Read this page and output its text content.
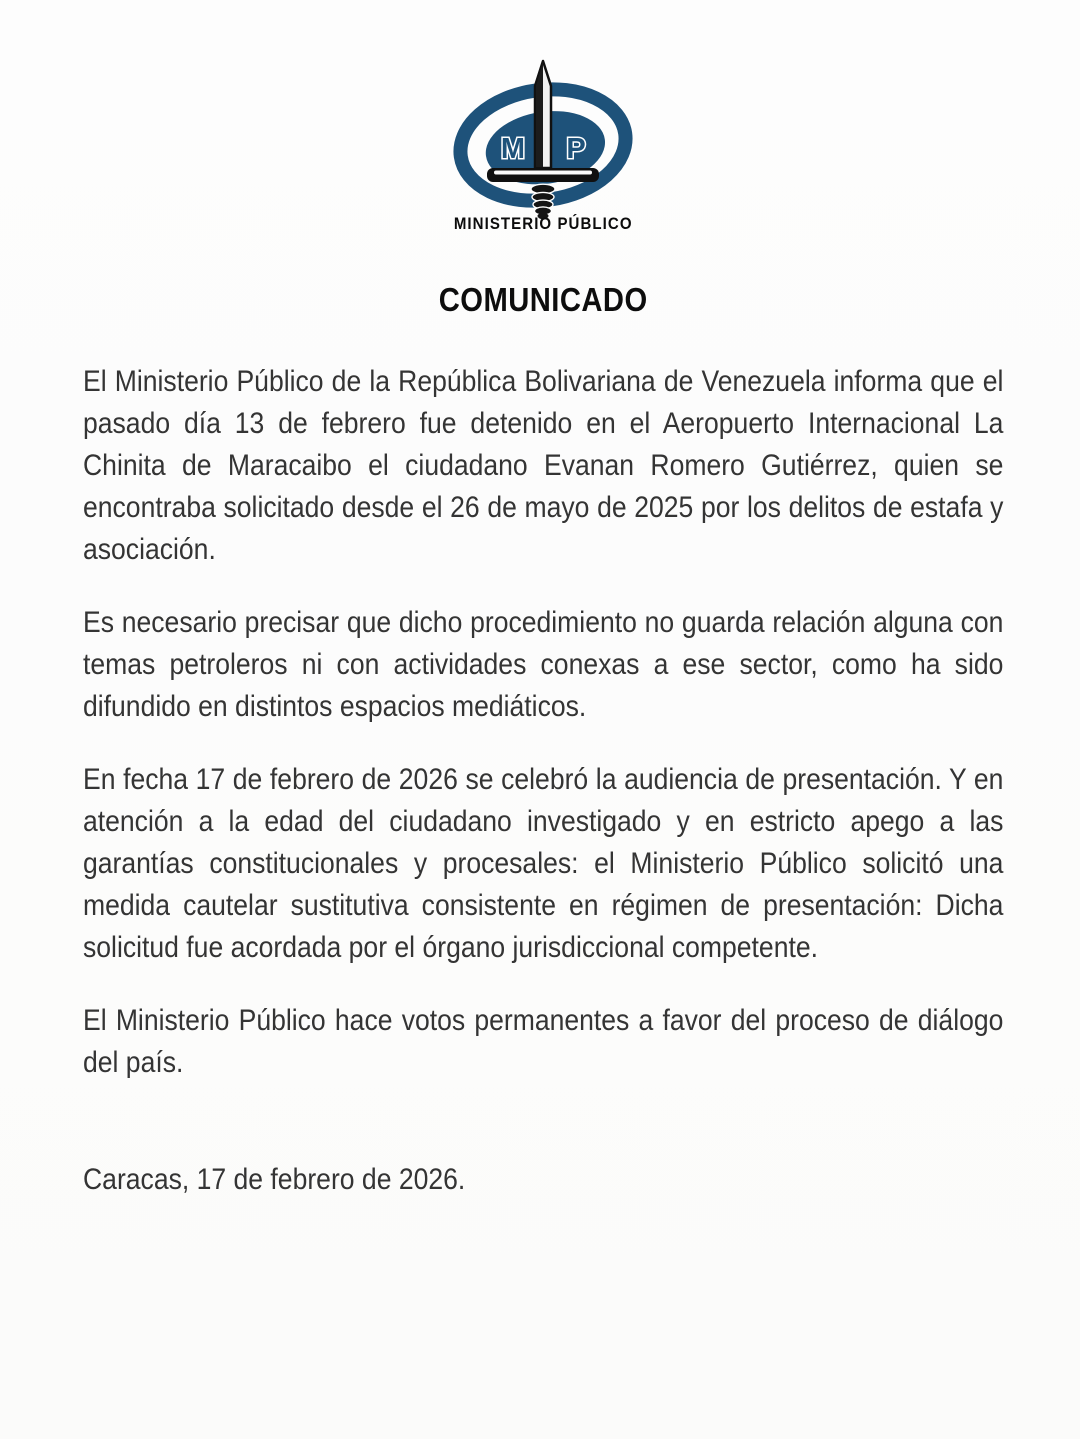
M P
MINISTERIO PÚBLICO
COMUNICADO

El Ministerio Público de la República Bolivariana de Venezuela informa que el pasado día 13 de febrero fue detenido en el Aeropuerto Internacional La Chinita de Maracaibo el ciudadano Evanan Romero Gutiérrez, quien se encontraba solicitado desde el 26 de mayo de 2025 por los delitos de estafa y asociación.

Es necesario precisar que dicho procedimiento no guarda relación alguna con temas petroleros ni con actividades conexas a ese sector, como ha sido difundido en distintos espacios mediáticos.

En fecha 17 de febrero de 2026 se celebró la audiencia de presentación. Y en atención a la edad del ciudadano investigado y en estricto apego a las garantías constitucionales y procesales: el Ministerio Público solicitó una medida cautelar sustitutiva consistente en régimen de presentación: Dicha solicitud fue acordada por el órgano jurisdiccional competente.

El Ministerio Público hace votos permanentes a favor del proceso de diálogo del país.

Caracas, 17 de febrero de 2026.
